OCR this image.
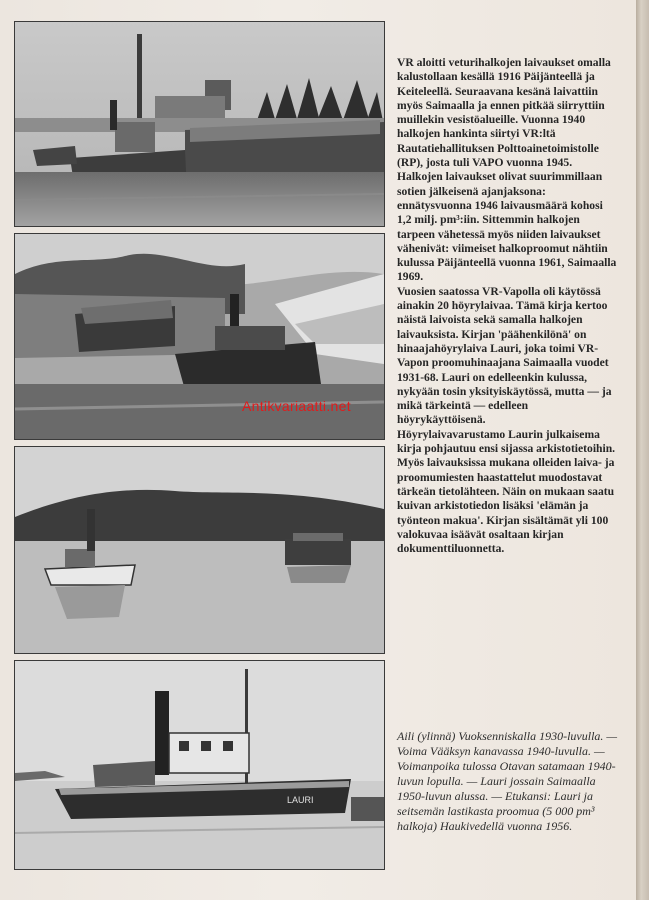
LAURI

VR aloitti veturihalkojen laivaukset omalla kalustollaan kesällä 1916 Päijänteellä ja Keiteleellä. Seuraavana kesänä laivattiin myös Saimaalla ja ennen pitkää siirryttiin muillekin vesistöalueille. Vuonna 1940 halkojen hankinta siirtyi VR:ltä Rautatiehallituksen Polttoainetoimistolle (RP), josta tuli VAPO vuonna 1945. Halkojen laivaukset olivat suurimmillaan sotien jälkeisenä ajanjaksona: ennätysvuonna 1946 laivausmäärä kohosi 1,2 milj. pm³:iin. Sittemmin halkojen tarpeen vähetessä myös niiden laivaukset vähenivät: viimeiset halkoproomut nähtiin kulussa Päijänteellä vuonna 1961, Saimaalla 1969.

Vuosien saatossa VR-Vapolla oli käytössä ainakin 20 höyrylaivaa. Tämä kirja kertoo näistä laivoista sekä samalla halkojen laivauksista. Kirjan 'päähenkilönä' on hinaajahöyrylaiva Lauri, joka toimi VR-Vapon proomuhinaajana Saimaalla vuodet 1931-68. Lauri on edelleenkin kulussa, nykyään tosin yksityiskäytössä, mutta — ja mikä tärkeintä — edelleen höyrykäyttöisenä.

Höyrylaivavarustamo Laurin julkaisema kirja pohjautuu ensi sijassa arkistotietoihin. Myös laivauksissa mukana olleiden laiva- ja proomumiesten haastattelut muodostavat tärkeän tietolähteen. Näin on mukaan saatu kuivan arkistotiedon lisäksi 'elämän ja työnteon makua'. Kirjan sisältämät yli 100 valokuvaa isäävät osaltaan kirjan dokumenttiluonnetta.

Aili (ylinnä) Vuoksenniskalla 1930-luvulla. — Voima Vääksyn kanavassa 1940-luvulla. — Voimanpoika tulossa Otavan satamaan 1940-luvun lopulla. — Lauri jossain Saimaalla 1950-luvun alussa. — Etukansi: Lauri ja seitsemän lastikasta proomua (5 000 pm³ halkoja) Haukivedellä vuonna 1956.
Antikvariaatti.net
